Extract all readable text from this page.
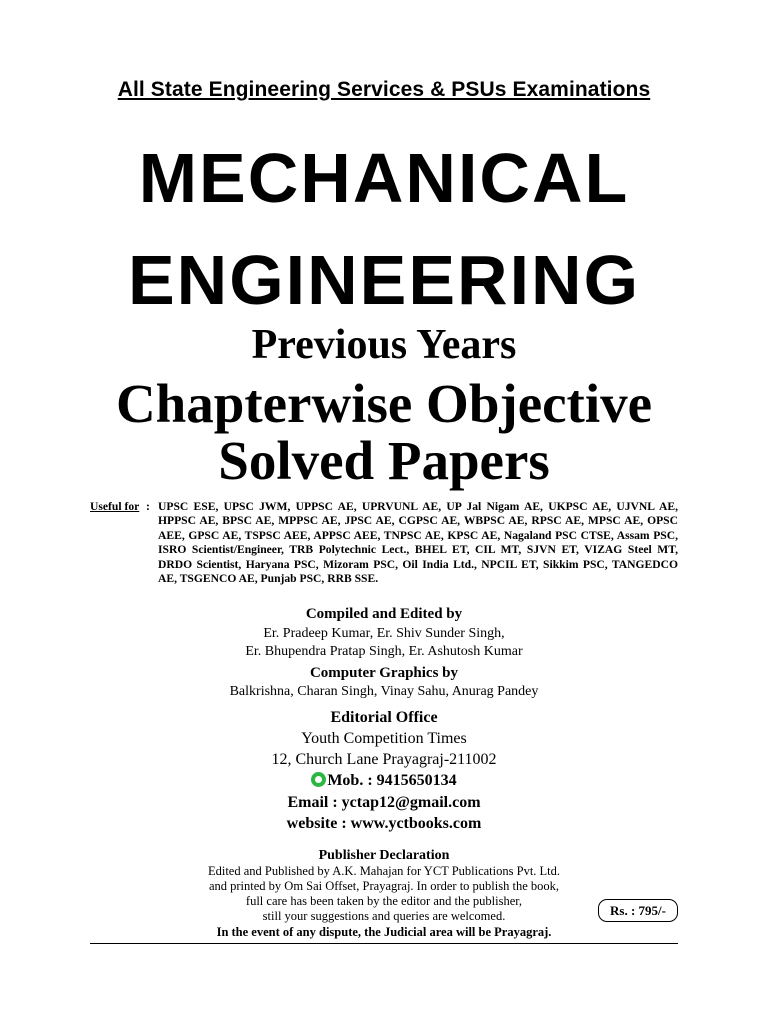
All State Engineering Services & PSUs Examinations
MECHANICAL
ENGINEERING
Previous Years
Chapterwise Objective
Solved Papers
Useful for : UPSC ESE, UPSC JWM, UPPSC AE, UPRVUNL AE, UP Jal Nigam AE, UKPSC AE, UJVNL AE, HPPSC AE, BPSC AE, MPPSC AE, JPSC AE, CGPSC AE, WBPSC AE, RPSC AE, MPSC AE, OPSC AEE, GPSC AE, TSPSC AEE, APPSC AEE, TNPSC AE, KPSC AE, Nagaland PSC CTSE, Assam PSC, ISRO Scientist/Engineer, TRB Polytechnic Lect., BHEL ET, CIL MT, SJVN ET, VIZAG Steel MT, DRDO Scientist, Haryana PSC, Mizoram PSC, Oil India Ltd., NPCIL ET, Sikkim PSC, TANGEDCO AE, TSGENCO AE, Punjab PSC, RRB SSE.
Compiled and Edited by
Er. Pradeep Kumar, Er. Shiv Sunder Singh,
Er. Bhupendra Pratap Singh, Er. Ashutosh Kumar
Computer Graphics by
Balkrishna, Charan Singh, Vinay Sahu, Anurag Pandey
Editorial Office
Youth Competition Times
12, Church Lane Prayagraj-211002
Mob. : 9415650134
Email : yctap12@gmail.com
website : www.yctbooks.com
Publisher Declaration
Edited and Published by A.K. Mahajan for YCT Publications Pvt. Ltd.
and printed by Om Sai Offset, Prayagraj. In order to publish the book,
full care has been taken by the editor and the publisher,
still your suggestions and queries are welcomed.
In the event of any dispute, the Judicial area will be Prayagraj.
Rs. : 795/-
